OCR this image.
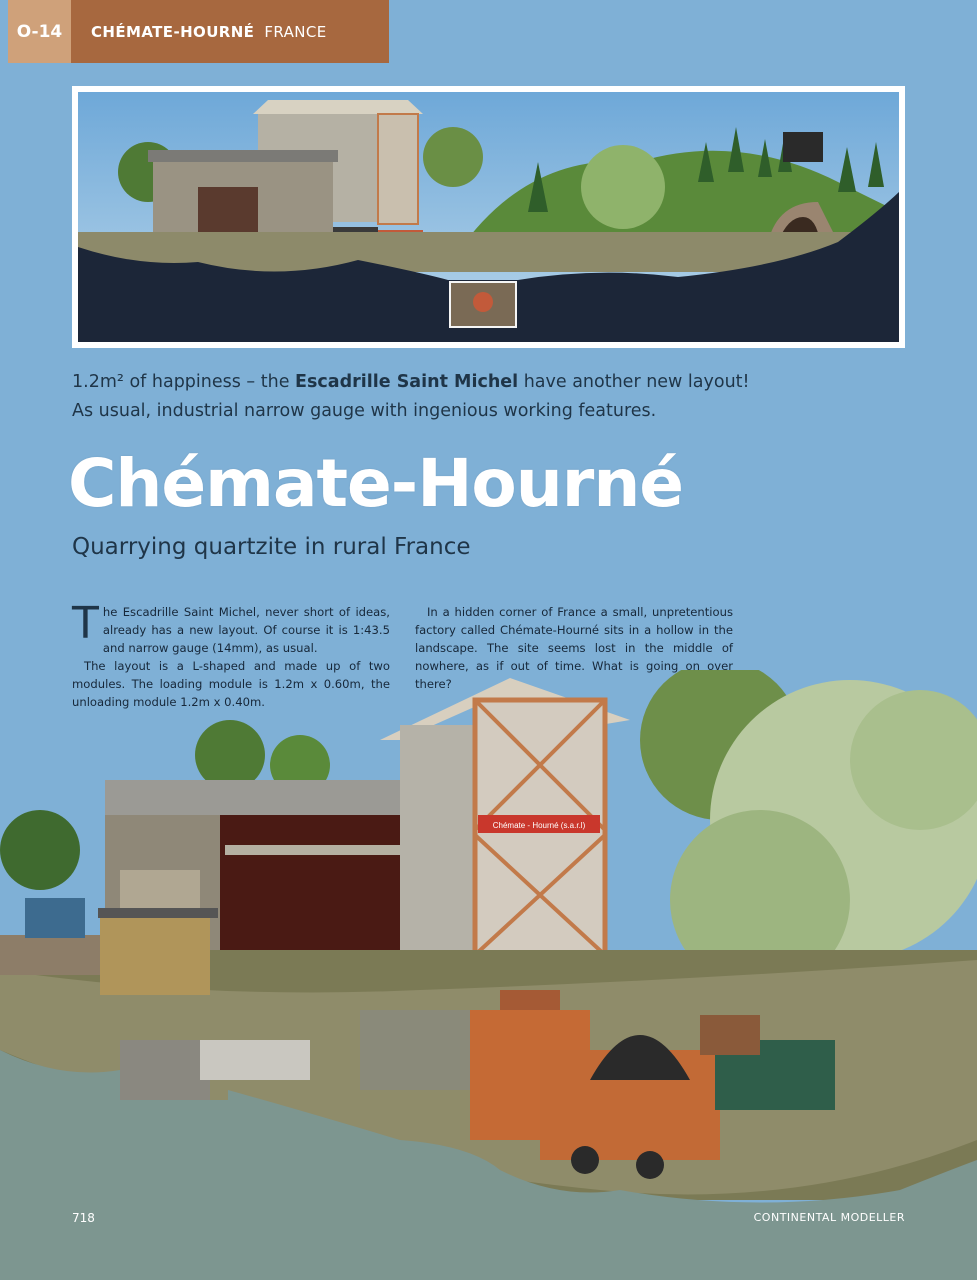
O-14 CHÉMATE-HOURNÉ FRANCE
1.2m² of happiness – the Escadrille Saint Michel have another new layout!
As usual, industrial narrow gauge with ingenious working features.
Chémate-Hourné
Quarrying quartzite in rural France

The Escadrille Saint Michel, never short of ideas, already has a new layout. Of course it is 1:43.5 and narrow gauge (14mm), as usual.

The layout is a L-shaped and made up of two modules. The loading module is 1.2m x 0.60m, the unloading module 1.2m x 0.40m.

In a hidden corner of France a small, unpretentious factory called Chémate-Hourné sits in a hollow in the landscape. The site seems lost in the middle of nowhere, as if out of time. What is going on over there?

Chémate - Hourné (s.a.r.l)
718	CONTINENTAL MODELLER
